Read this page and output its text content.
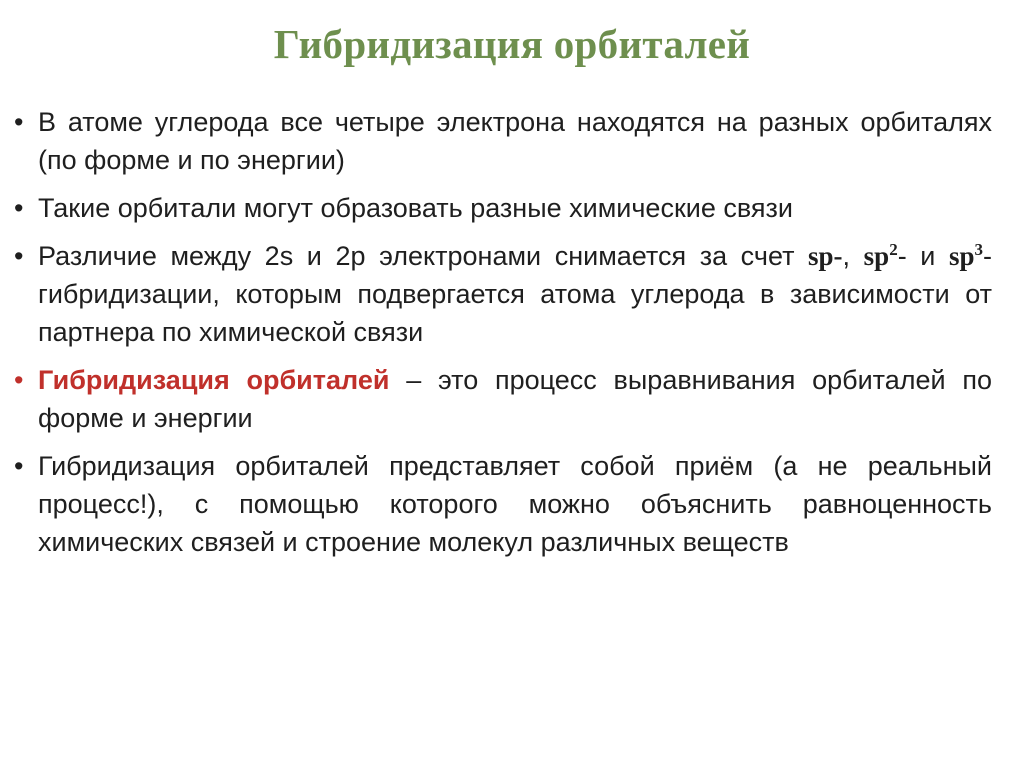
Гибридизация орбиталей
• В атоме углерода все четыре электрона находятся на разных орбиталях (по форме и по энергии)
• Такие орбитали могут образовать разные химические связи
• Различие между 2s и 2p электронами снимается за счет sp-, $sp^2-$ и $sp^3$-гибридизации, которым подвергается атома углерода в зависимости от партнера по химической связи
• Гибридизация орбиталей – это процесс выравнивания орбиталей по форме и энергии
• Гибридизация орбиталей представляет собой приём (а не реальный процесс!), с помощью которого можно объяснить равноценность химических связей и строение молекул различных веществ
